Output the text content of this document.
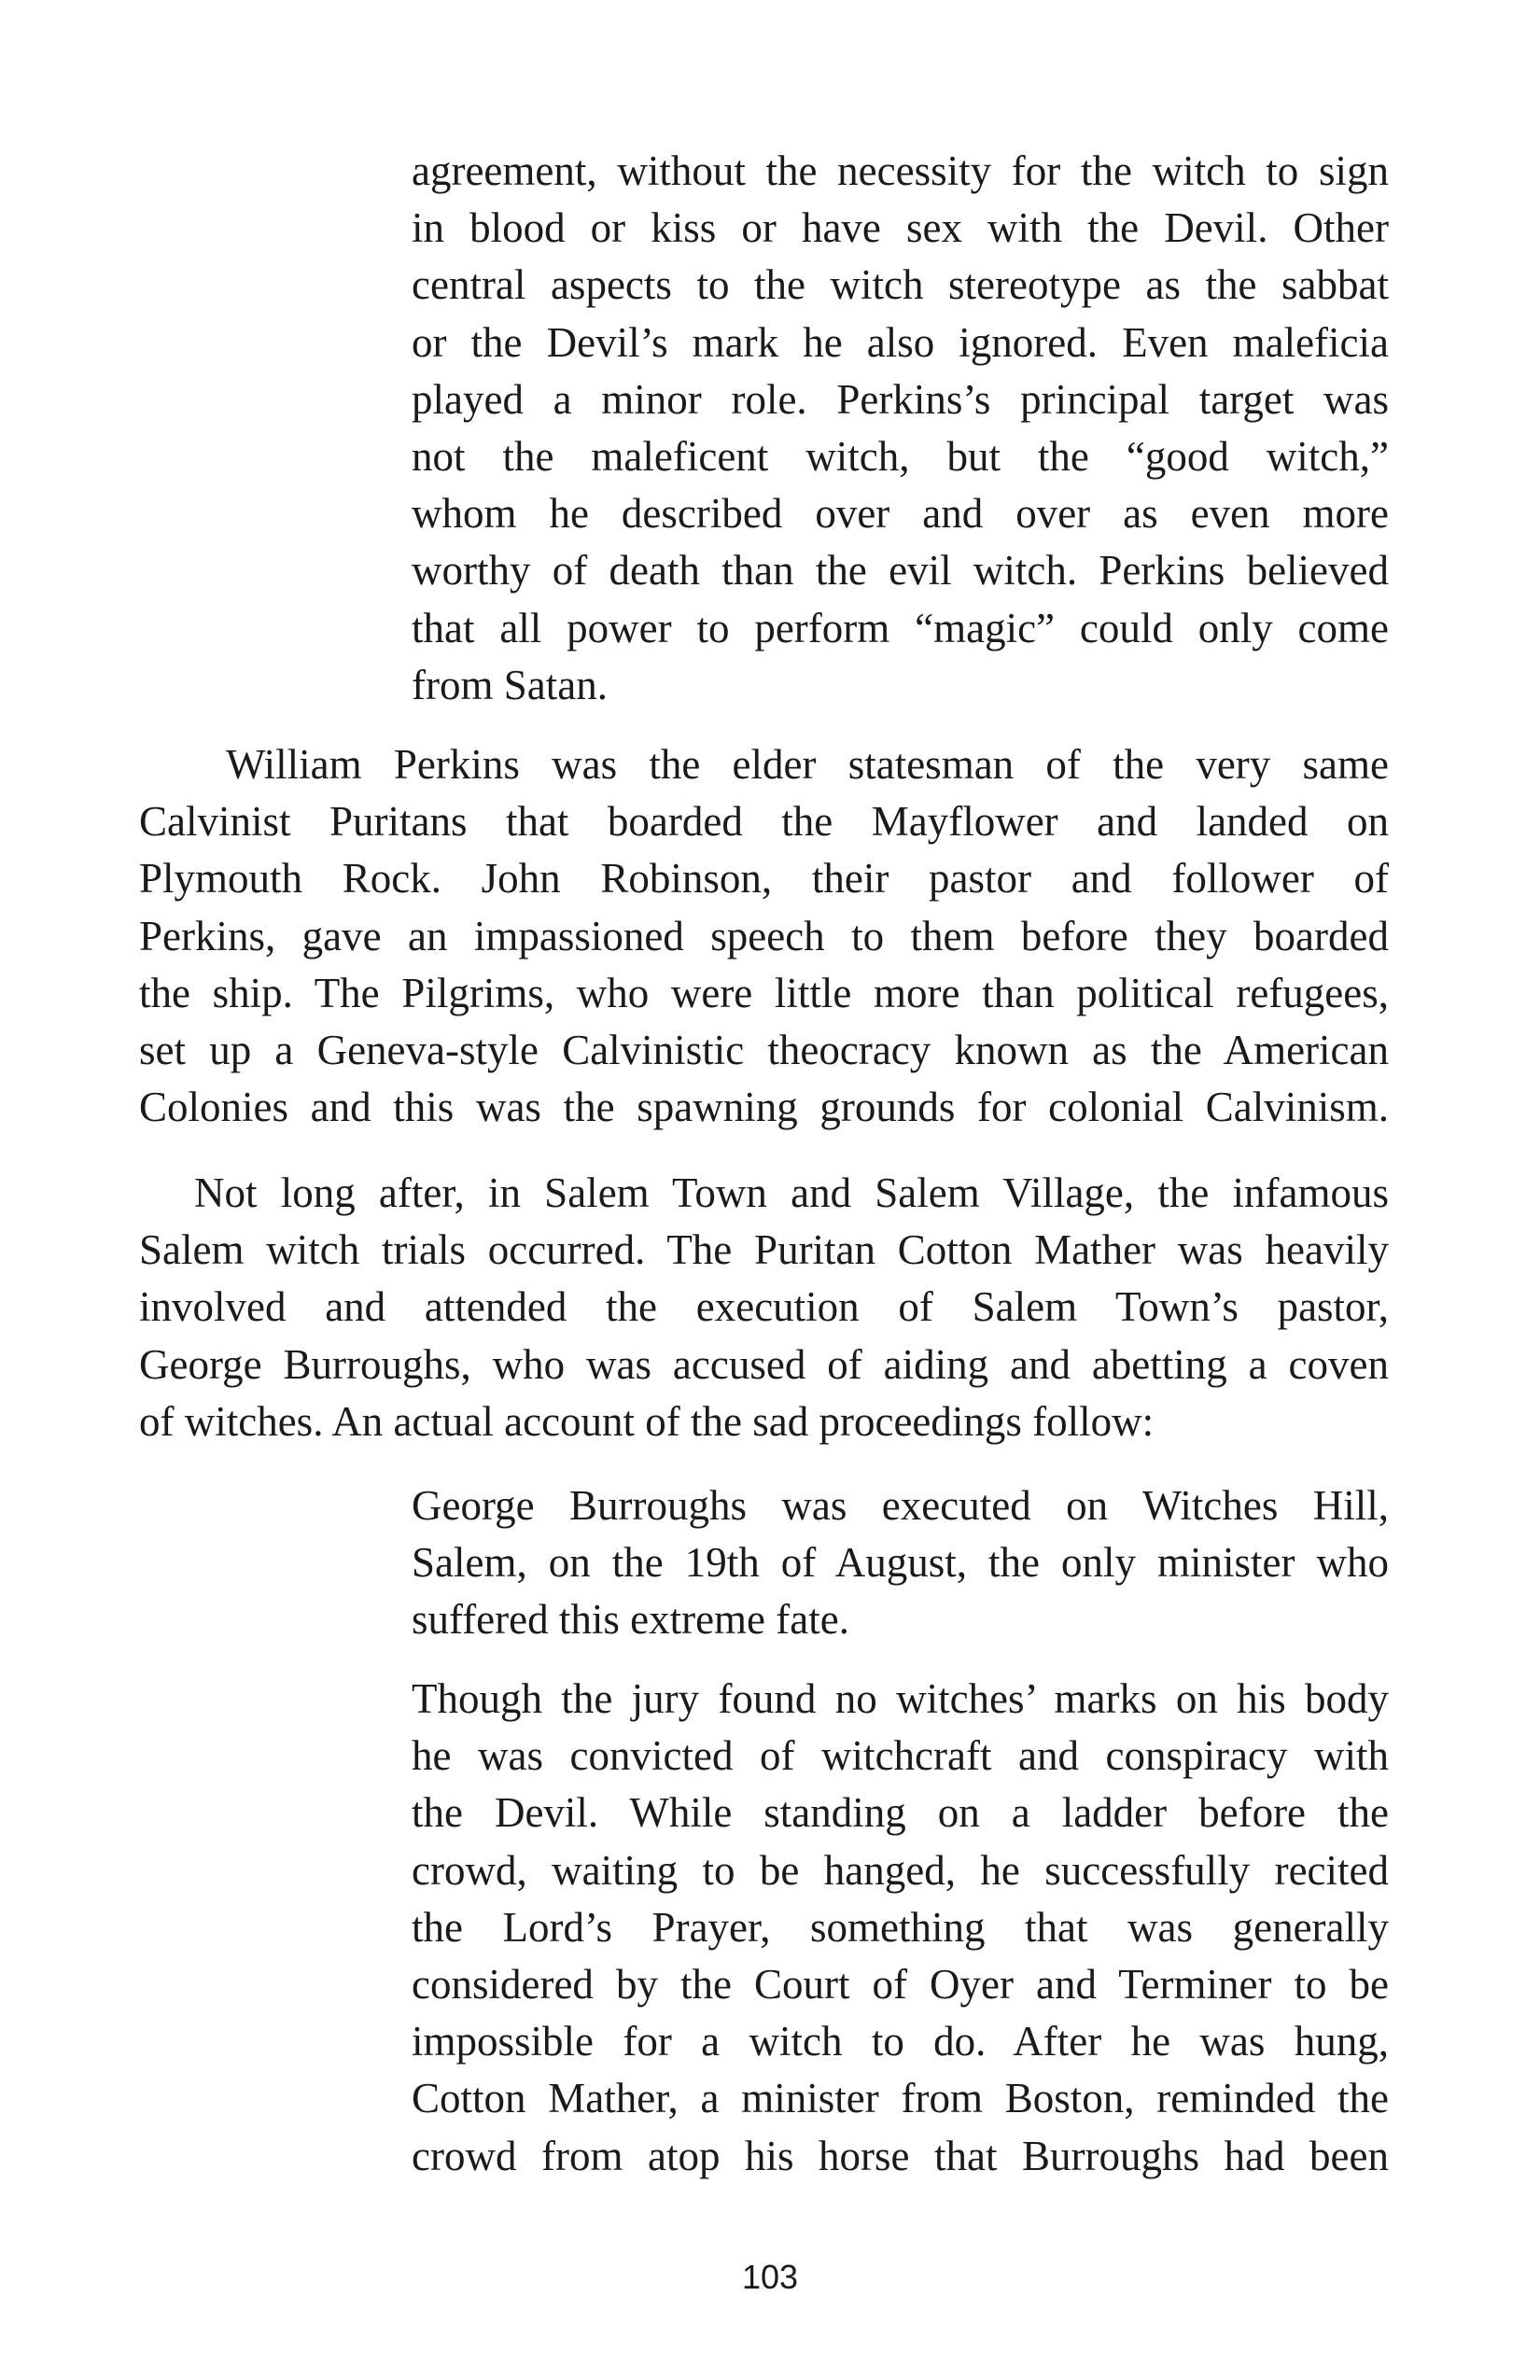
agreement, without the necessity for the witch to sign
in blood or kiss or have sex with the Devil. Other
central aspects to the witch stereotype as the sabbat
or the Devil’s mark he also ignored. Even maleficia
played a minor role. Perkins’s principal target was
not the maleficent witch, but the “good witch,”
whom he described over and over as even more
worthy of death than the evil witch. Perkins believed
that all power to perform “magic” could only come
from Satan.

William Perkins was the elder statesman of the very same
Calvinist Puritans that boarded the Mayflower and landed on
Plymouth Rock. John Robinson, their pastor and follower of
Perkins, gave an impassioned speech to them before they boarded
the ship. The Pilgrims, who were little more than political refugees,
set up a Geneva-style Calvinistic theocracy known as the American
Colonies and this was the spawning grounds for colonial Calvinism.

Not long after, in Salem Town and Salem Village, the infamous
Salem witch trials occurred. The Puritan Cotton Mather was heavily
involved and attended the execution of Salem Town’s pastor,
George Burroughs, who was accused of aiding and abetting a coven
of witches. An actual account of the sad proceedings follow:

George Burroughs was executed on Witches Hill,
Salem, on the 19th of August, the only minister who
suffered this extreme fate.

Though the jury found no witches’ marks on his body
he was convicted of witchcraft and conspiracy with
the Devil. While standing on a ladder before the
crowd, waiting to be hanged, he successfully recited
the Lord’s Prayer, something that was generally
considered by the Court of Oyer and Terminer to be
impossible for a witch to do. After he was hung,
Cotton Mather, a minister from Boston, reminded the
crowd from atop his horse that Burroughs had been

103
